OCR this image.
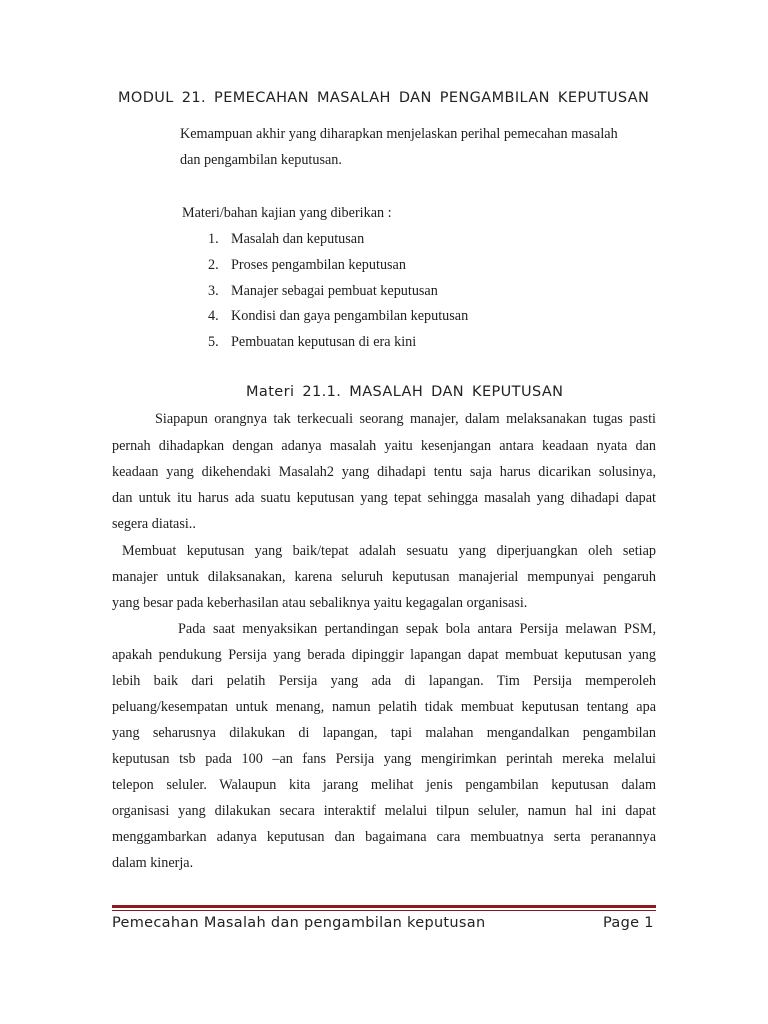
MODUL 21. PEMECAHAN MASALAH DAN PENGAMBILAN KEPUTUSAN
Kemampuan akhir yang diharapkan menjelaskan perihal pemecahan masalah
dan pengambilan keputusan.
Materi/bahan kajian yang diberikan :
1. Masalah dan keputusan
2. Proses pengambilan keputusan
3. Manajer sebagai pembuat keputusan
4. Kondisi dan gaya pengambilan keputusan
5. Pembuatan keputusan di era kini
Materi 21.1. MASALAH DAN KEPUTUSAN
Siapapun orangnya tak terkecuali seorang manajer, dalam melaksanakan tugas pasti
pernah dihadapkan dengan adanya masalah yaitu kesenjangan antara keadaan nyata dan
keadaan yang dikehendaki Masalah2 yang dihadapi tentu saja harus dicarikan solusinya,
dan untuk itu harus ada suatu keputusan yang tepat sehingga masalah yang dihadapi dapat
segera diatasi..
Membuat keputusan yang baik/tepat adalah sesuatu yang diperjuangkan oleh setiap
manajer untuk dilaksanakan, karena seluruh keputusan manajerial mempunyai pengaruh
yang besar pada keberhasilan atau sebaliknya yaitu kegagalan organisasi.
Pada saat menyaksikan pertandingan sepak bola antara Persija melawan PSM,
apakah pendukung Persija yang berada dipinggir lapangan dapat membuat keputusan yang
lebih baik dari pelatih Persija yang ada di lapangan. Tim Persija memperoleh
peluang/kesempatan untuk menang, namun pelatih tidak membuat keputusan tentang apa
yang seharusnya dilakukan di lapangan, tapi malahan mengandalkan pengambilan
keputusan tsb pada 100 –an fans Persija yang mengirimkan perintah mereka melalui
telepon seluler. Walaupun kita jarang melihat jenis pengambilan keputusan dalam
organisasi yang dilakukan secara interaktif melalui tilpun seluler, namun hal ini dapat
menggambarkan adanya keputusan dan bagaimana cara membuatnya serta peranannya
dalam kinerja.
Pemecahan Masalah dan pengambilan keputusan	Page 1
